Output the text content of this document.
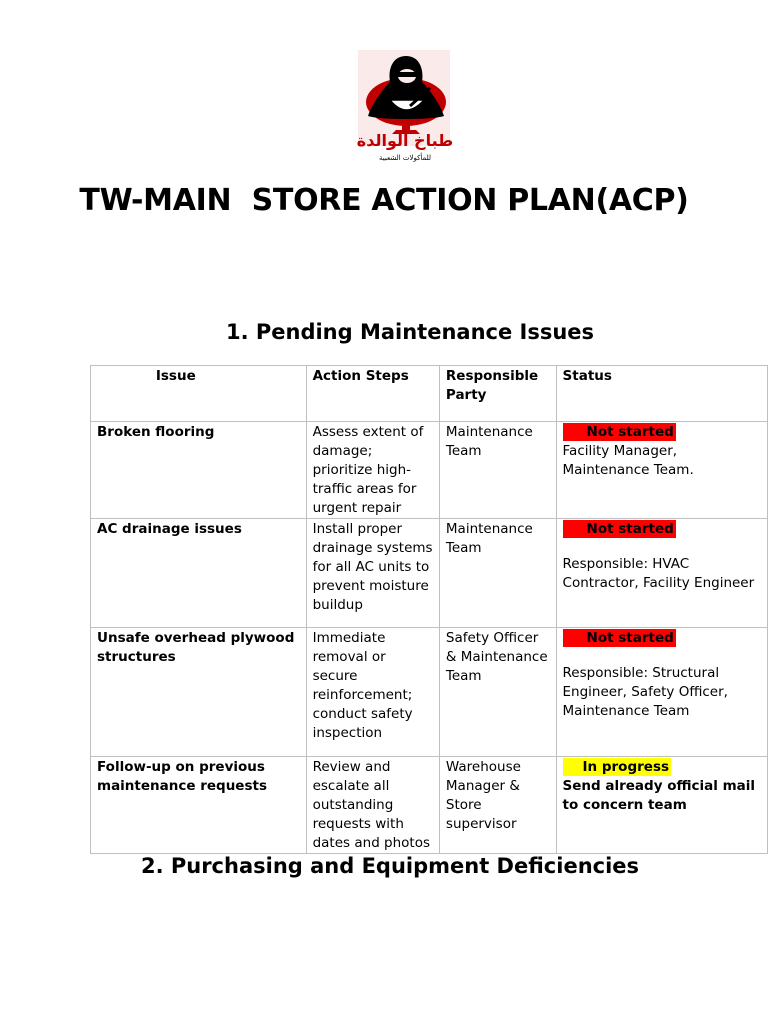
طباخ الوالدة
للمأكولات الشعبية
TW-MAIN  STORE ACTION PLAN(ACP)
1. Pending Maintenance Issues
Issue	Action Steps	Responsible Party	Status
Broken flooring	Assess extent of damage; prioritize high-traffic areas for urgent repair	Maintenance Team	Not started
Facility Manager, Maintenance Team.

AC drainage issues	Install proper drainage systems for all AC units to prevent moisture buildup	Maintenance Team	Not started
Responsible: HVAC Contractor, Facility Engineer

Unsafe overhead plywood structures	Immediate removal or secure reinforcement; conduct safety inspection	Safety Officer & Maintenance Team	Not started
Responsible: Structural Engineer, Safety Officer, Maintenance Team

Follow-up on previous maintenance requests	Review and escalate all outstanding requests with dates and photos	Warehouse Manager & Store supervisor	In progress
Send already official mail to concern team
2. Purchasing and Equipment Deficiencies
